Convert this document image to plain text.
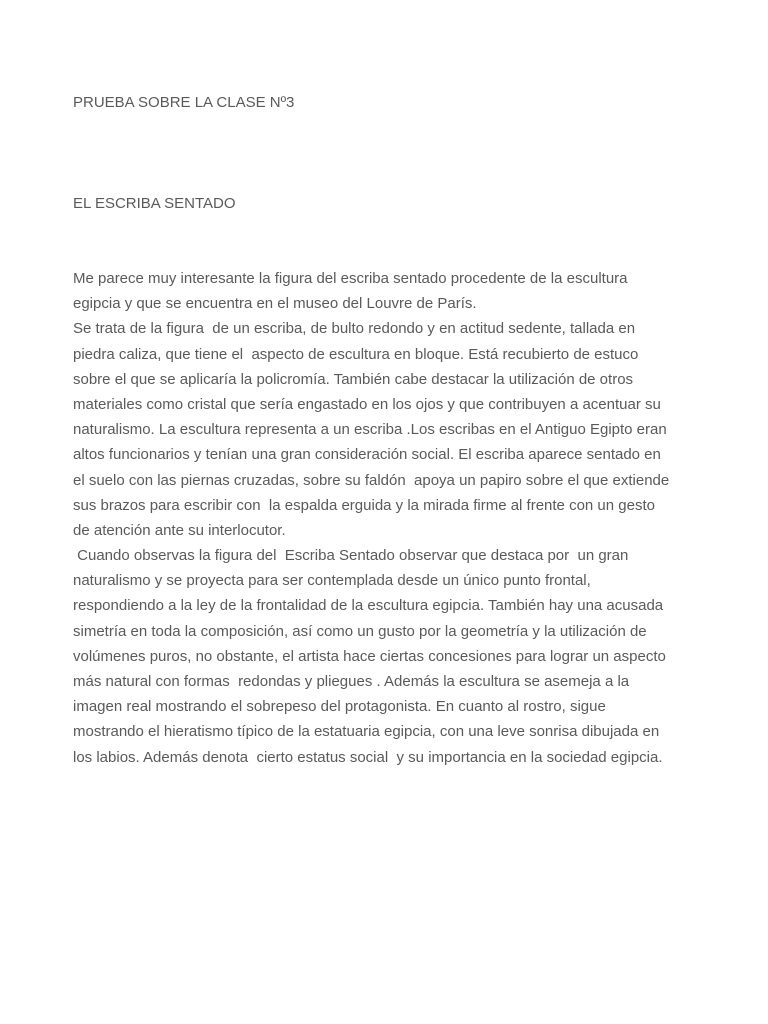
PRUEBA SOBRE LA CLASE Nº3
EL ESCRIBA SENTADO
Me parece muy interesante la figura del escriba sentado procedente de la escultura
egipcia y que se encuentra en el museo del Louvre de París.
Se trata de la figura  de un escriba, de bulto redondo y en actitud sedente, tallada en
piedra caliza, que tiene el  aspecto de escultura en bloque. Está recubierto de estuco
sobre el que se aplicaría la policromía. También cabe destacar la utilización de otros
materiales como cristal que sería engastado en los ojos y que contribuyen a acentuar su
naturalismo. La escultura representa a un escriba .Los escribas en el Antiguo Egipto eran
altos funcionarios y tenían una gran consideración social. El escriba aparece sentado en
el suelo con las piernas cruzadas, sobre su faldón  apoya un papiro sobre el que extiende
sus brazos para escribir con  la espalda erguida y la mirada firme al frente con un gesto
de atención ante su interlocutor.
Cuando observas la figura del  Escriba Sentado observar que destaca por  un gran
naturalismo y se proyecta para ser contemplada desde un único punto frontal,
respondiendo a la ley de la frontalidad de la escultura egipcia. También hay una acusada
simetría en toda la composición, así como un gusto por la geometría y la utilización de
volúmenes puros, no obstante, el artista hace ciertas concesiones para lograr un aspecto
más natural con formas  redondas y pliegues . Además la escultura se asemeja a la
imagen real mostrando el sobrepeso del protagonista. En cuanto al rostro, sigue
mostrando el hieratismo típico de la estatuaria egipcia, con una leve sonrisa dibujada en
los labios. Además denota  cierto estatus social  y su importancia en la sociedad egipcia.
